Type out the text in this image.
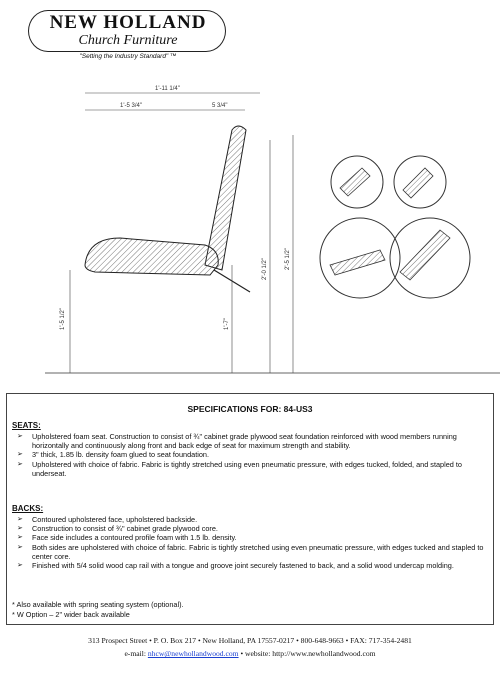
NEW HOLLAND
Church Furniture
"Setting the Industry Standard" ™
1'-11 1/4"
1'-5 3/4"	5 3/4"
1'-5 1/2"	1'-7"
2'-0 1/2"	2'-5 1/2"
SPECIFICATIONS FOR: 84-US3
SEATS:
➢ Upholstered foam seat. Construction to consist of ¾" cabinet grade plywood seat foundation reinforced with wood members running horizontally and continuously along front and back edge of seat for maximum strength and stability.
➢ 3" thick, 1.85 lb. density foam glued to seat foundation.
➢ Upholstered with choice of fabric. Fabric is tightly stretched using even pneumatic pressure, with edges tucked, folded, and stapled to underseat.
BACKS:
➢ Contoured upholstered face, upholstered backside.
➢ Construction to consist of ¾" cabinet grade plywood core.
➢ Face side includes a contoured profile foam with 1.5 lb. density.
➢ Both sides are upholstered with choice of fabric. Fabric is tightly stretched using even pneumatic pressure, with edges tucked and stapled to center core.
➢ Finished with 5/4 solid wood cap rail with a tongue and groove joint securely fastened to back, and a solid wood undercap molding.
* Also available with spring seating system (optional).
* W Option – 2" wider back available
313 Prospect Street • P. O. Box 217 • New Holland, PA 17557-0217 • 800-648-9663 • FAX: 717-354-2481
e-mail: nhcw@newhollandwood.com • website: http://www.newhollandwood.com
